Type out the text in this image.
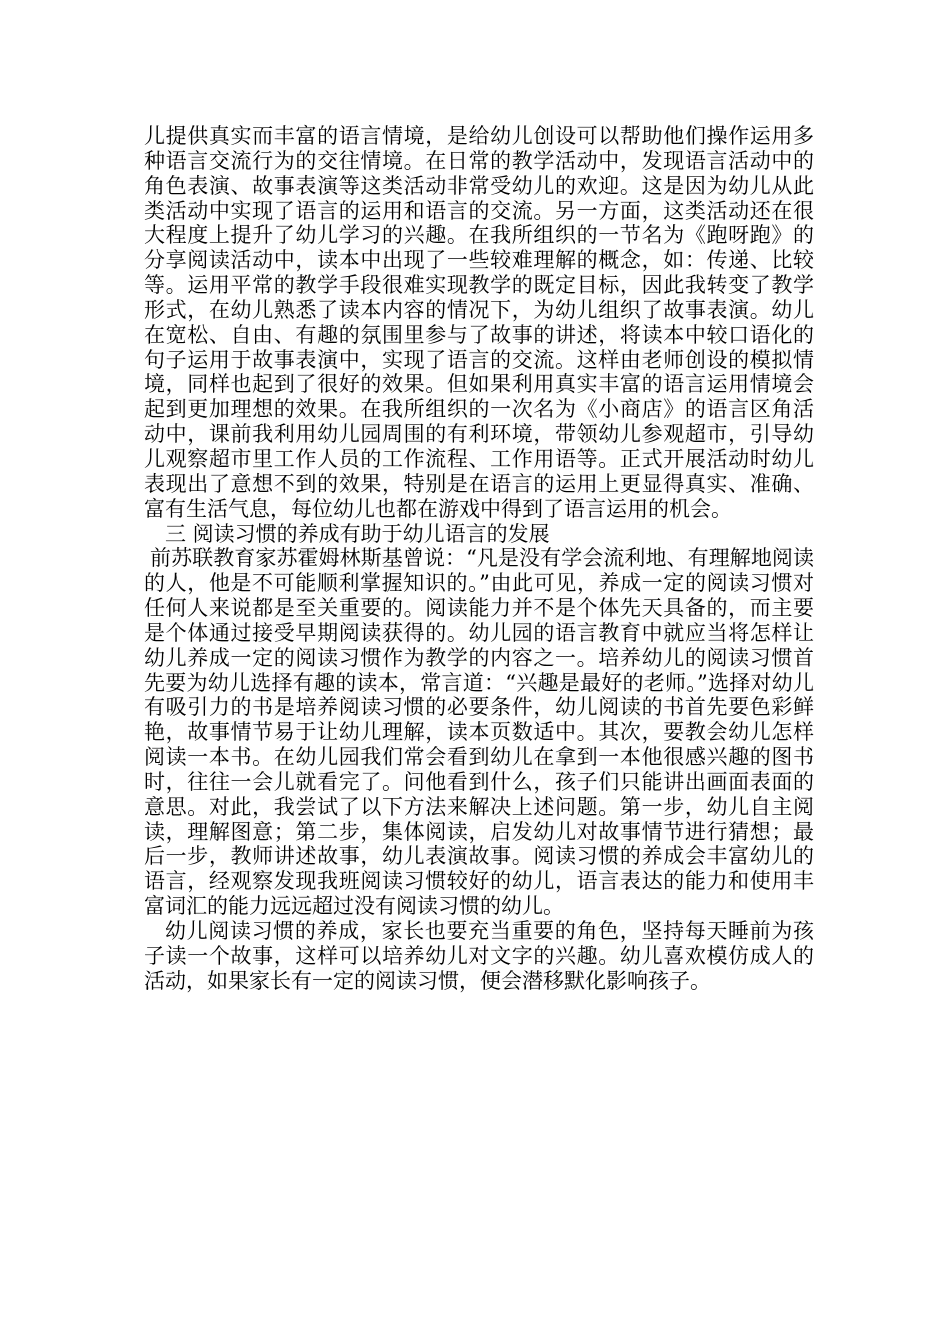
儿提供真实而丰富的语言情境，是给幼儿创设可以帮助他们操作运用多种语言交流行为的交往情境。在日常的教学活动中，发现语言活动中的角色表演、故事表演等这类活动非常受幼儿的欢迎。这是因为幼儿从此类活动中实现了语言的运用和语言的交流。另一方面，这类活动还在很大程度上提升了幼儿学习的兴趣。在我所组织的一节名为《跑呀跑》的分享阅读活动中，读本中出现了一些较难理解的概念，如：传递、比较等。运用平常的教学手段很难实现教学的既定目标，因此我转变了教学形式，在幼儿熟悉了读本内容的情况下，为幼儿组织了故事表演。幼儿在宽松、自由、有趣的氛围里参与了故事的讲述，将读本中较口语化的句子运用于故事表演中，实现了语言的交流。这样由老师创设的模拟情境，同样也起到了很好的效果。但如果利用真实丰富的语言运用情境会起到更加理想的效果。在我所组织的一次名为《小商店》的语言区角活动中，课前我利用幼儿园周围的有利环境，带领幼儿参观超市，引导幼儿观察超市里工作人员的工作流程、工作用语等。正式开展活动时幼儿表现出了意想不到的效果，特别是在语言的运用上更显得真实、准确、富有生活气息，每位幼儿也都在游戏中得到了语言运用的机会。

三 阅读习惯的养成有助于幼儿语言的发展

前苏联教育家苏霍姆林斯基曾说：“凡是没有学会流利地、有理解地阅读的人，他是不可能顺利掌握知识的。”由此可见，养成一定的阅读习惯对任何人来说都是至关重要的。阅读能力并不是个体先天具备的，而主要是个体通过接受早期阅读获得的。幼儿园的语言教育中就应当将怎样让幼儿养成一定的阅读习惯作为教学的内容之一。培养幼儿的阅读习惯首先要为幼儿选择有趣的读本，常言道：“兴趣是最好的老师。”选择对幼儿有吸引力的书是培养阅读习惯的必要条件，幼儿阅读的书首先要色彩鲜艳，故事情节易于让幼儿理解，读本页数适中。其次，要教会幼儿怎样阅读一本书。在幼儿园我们常会看到幼儿在拿到一本他很感兴趣的图书时，往往一会儿就看完了。问他看到什么，孩子们只能讲出画面表面的意思。对此，我尝试了以下方法来解决上述问题。第一步，幼儿自主阅读，理解图意；第二步，集体阅读，启发幼儿对故事情节进行猜想；最后一步，教师讲述故事，幼儿表演故事。阅读习惯的养成会丰富幼儿的语言，经观察发现我班阅读习惯较好的幼儿，语言表达的能力和使用丰富词汇的能力远远超过没有阅读习惯的幼儿。

幼儿阅读习惯的养成，家长也要充当重要的角色，坚持每天睡前为孩子读一个故事，这样可以培养幼儿对文字的兴趣。幼儿喜欢模仿成人的活动，如果家长有一定的阅读习惯，便会潜移默化影响孩子。
